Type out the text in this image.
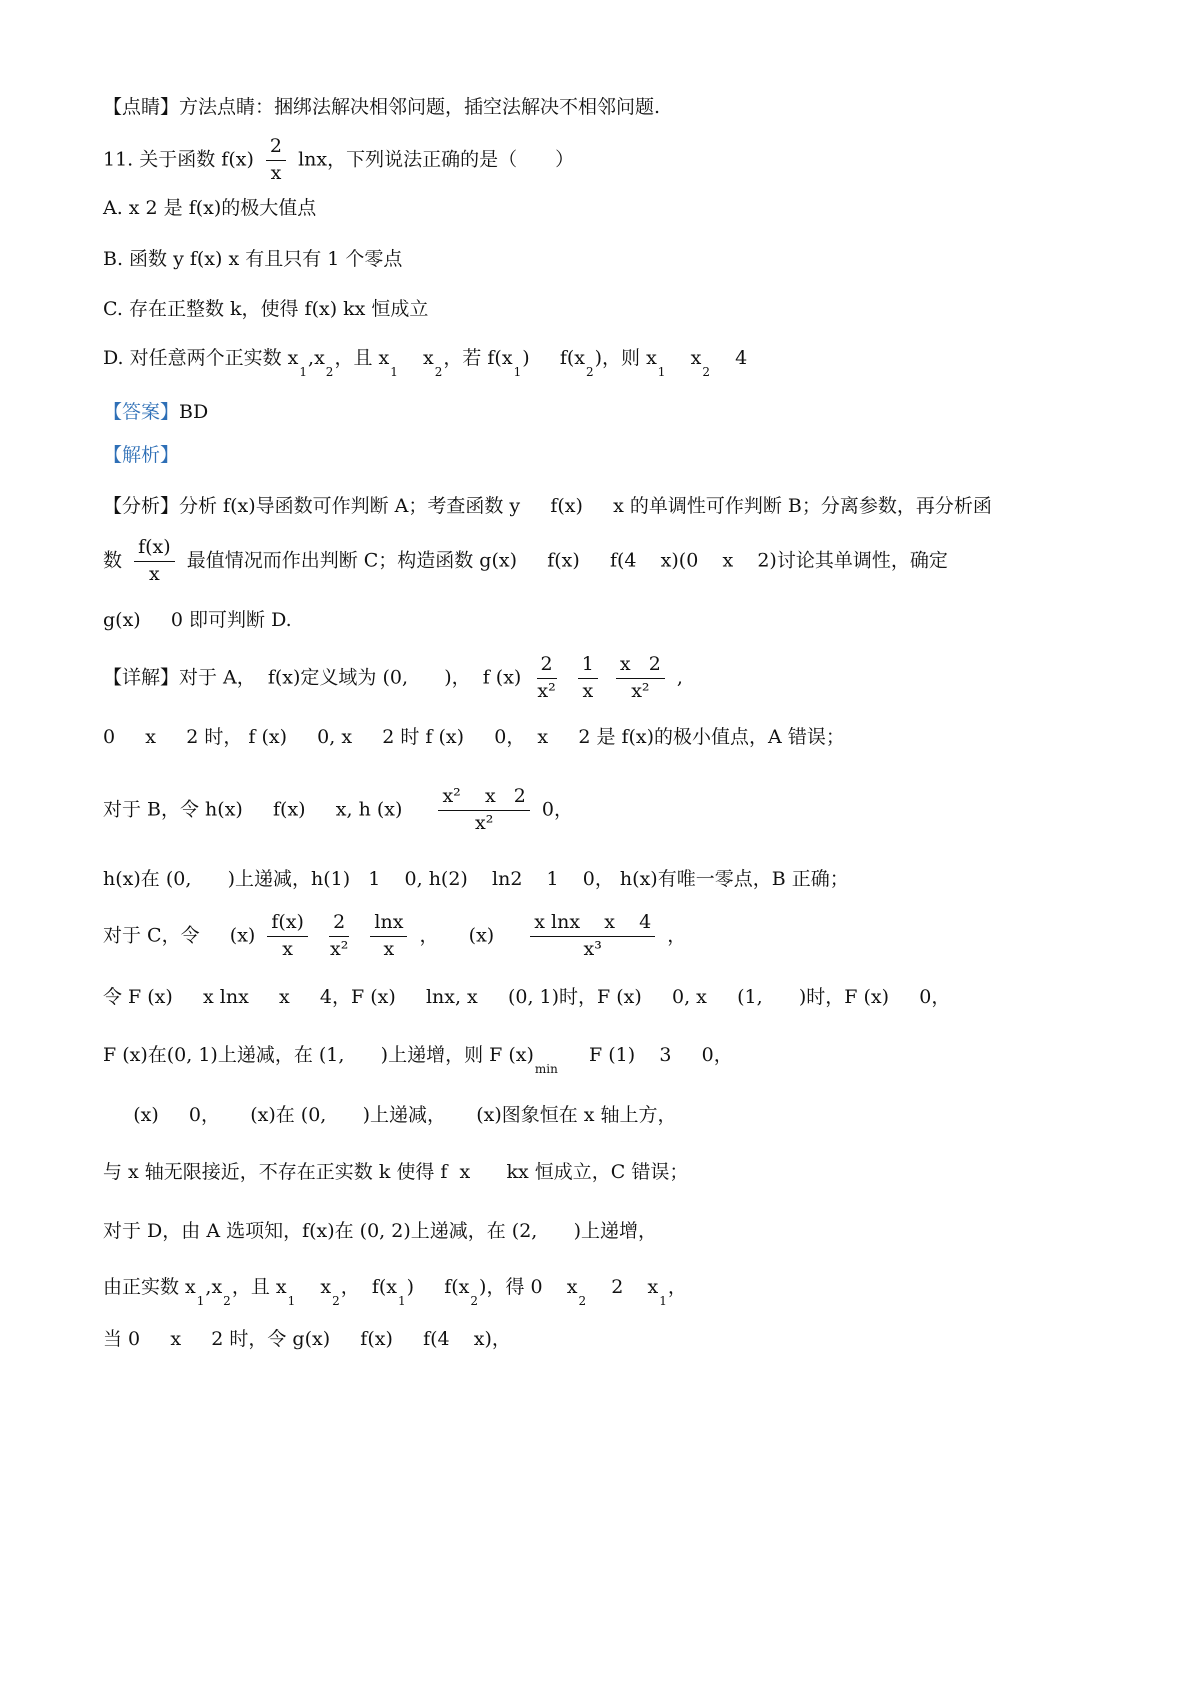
【点睛】方法点睛：捆绑法解决相邻问题，插空法解决不相邻问题.
11. 关于函数 $f(x) \frac{2}{x}$ lnx，下列说法正确的是（　　）
A. x 2 是 f(x)的极大值点
B. 函数 y f(x) x 有且只有 1 个零点
C. 存在正整数 k，使得 f(x) kx 恒成立
D. 对任意两个正实数 $x_1,x_2$，且 $x_1$    $x_2$，若 $f(x_1)$     $f(x_2)$，则 $x_1$    $x_2$    4
【答案】BD
【解析】
【分析】分析 f(x)导函数可作判断 A；考查函数 y     f(x)     x 的单调性可作判断 B；分离参数，再分析函
数 $\frac{f(x)}{x}$ 最值情况而作出判断 C；构造函数 g(x)     f(x)     f(4    x)(0    x    2)讨论其单调性，确定
g(x)     0 即可判断 D.
【详解】对于 A，  f(x)定义域为 (0,      )，  f $(x) \frac{2}{\text{x²}}$
$\frac{1}{x}$
$\frac{x 2}{\text{x²}}$ ,
0     x     2 时， f (x)     0, x     2 时 f (x)     0，  x     2 是 f(x)的极小值点，A 错误；
对于 B，令 h(x)     f(x)     x, h $(x) \frac{\text{x²    x   2}}{\text{x²}} 0$，
h(x)在 (0,      )上递减，h(1)   1    0, h(2)    ln2    1    0， h(x)有唯一零点，B 正确；
对于 C，令     $(x) \frac{f(x)}{x}$
$\frac{2}{\text{x²}}$
$\frac{\ln x}{x}$ ，     $(x) \frac{\text{x lnx    x    4}}{\text{x³}}$ ，
令 F (x)     x lnx     x     4，F (x)     lnx, x     (0, 1)时，F (x)     0, x     (1,      )时，F (x)     0，
F (x)在(0, 1)上递减，在 (1,      )上递增，则 F $(x)_{min}$     F (1)    3     0，
(x)     0，     (x)在 (0,      )上递减，     (x)图象恒在 x 轴上方，
与 x 轴无限接近，不存在正实数 k 使得 f  x      kx 恒成立，C 错误；
对于 D，由 A 选项知，f(x)在 (0, 2)上递减，在 (2,      )上递增，
由正实数 $x_1,x_2$，且 $x_1$    $x_2$，  $f(x_1)$     $f(x_2)$，得 0    $x_2$    2    $x_1$，
当 0     x     2 时，令 g(x)     f(x)     f(4    x)，
